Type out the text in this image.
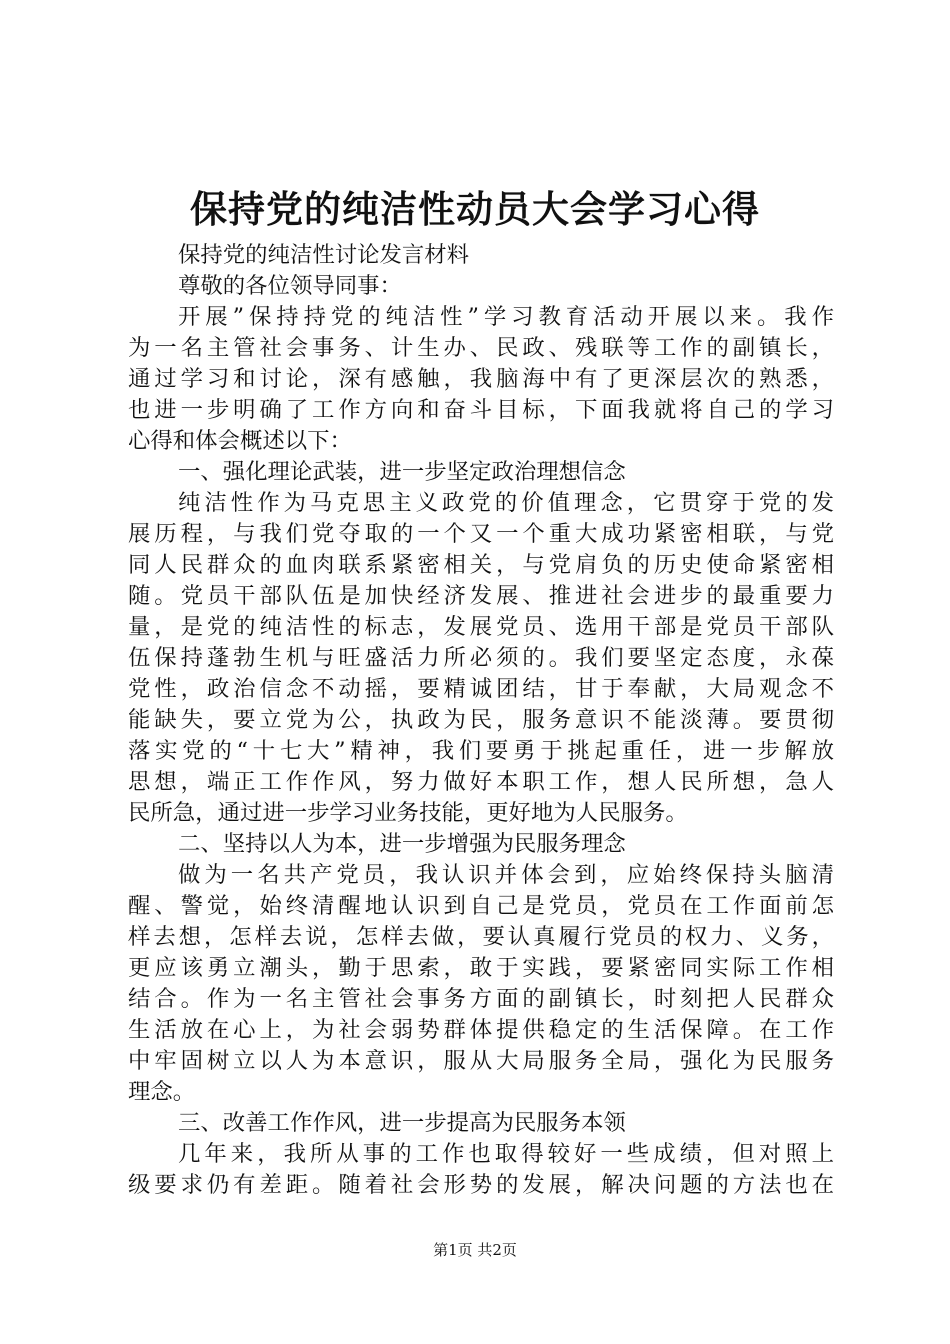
保持党的纯洁性动员大会学习心得
保持党的纯洁性讨论发言材料
尊敬的各位领导同事：
开展”保持持党的纯洁性”学习教育活动开展以来。我作
为一名主管社会事务、计生办、民政、残联等工作的副镇长，
通过学习和讨论，深有感触，我脑海中有了更深层次的熟悉，
也进一步明确了工作方向和奋斗目标，下面我就将自己的学习
心得和体会概述以下：
一、强化理论武装，进一步坚定政治理想信念
纯洁性作为马克思主义政党的价值理念，它贯穿于党的发
展历程，与我们党夺取的一个又一个重大成功紧密相联，与党
同人民群众的血肉联系紧密相关，与党肩负的历史使命紧密相
随。党员干部队伍是加快经济发展、推进社会进步的最重要力
量，是党的纯洁性的标志，发展党员、选用干部是党员干部队
伍保持蓬勃生机与旺盛活力所必须的。我们要坚定态度，永葆
党性，政治信念不动摇，要精诚团结，甘于奉献，大局观念不
能缺失，要立党为公，执政为民，服务意识不能淡薄。要贯彻
落实党的“十七大”精神，我们要勇于挑起重任，进一步解放
思想，端正工作作风，努力做好本职工作，想人民所想，急人
民所急，通过进一步学习业务技能，更好地为人民服务。
二、坚持以人为本，进一步增强为民服务理念
做为一名共产党员，我认识并体会到，应始终保持头脑清
醒、警觉，始终清醒地认识到自己是党员，党员在工作面前怎
样去想，怎样去说，怎样去做，要认真履行党员的权力、义务，
更应该勇立潮头，勤于思索，敢于实践，要紧密同实际工作相
结合。作为一名主管社会事务方面的副镇长，时刻把人民群众
生活放在心上，为社会弱势群体提供稳定的生活保障。在工作
中牢固树立以人为本意识，服从大局服务全局，强化为民服务
理念。
三、改善工作作风，进一步提高为民服务本领
几年来，我所从事的工作也取得较好一些成绩，但对照上
级要求仍有差距。随着社会形势的发展，解决问题的方法也在
第1页 共2页
